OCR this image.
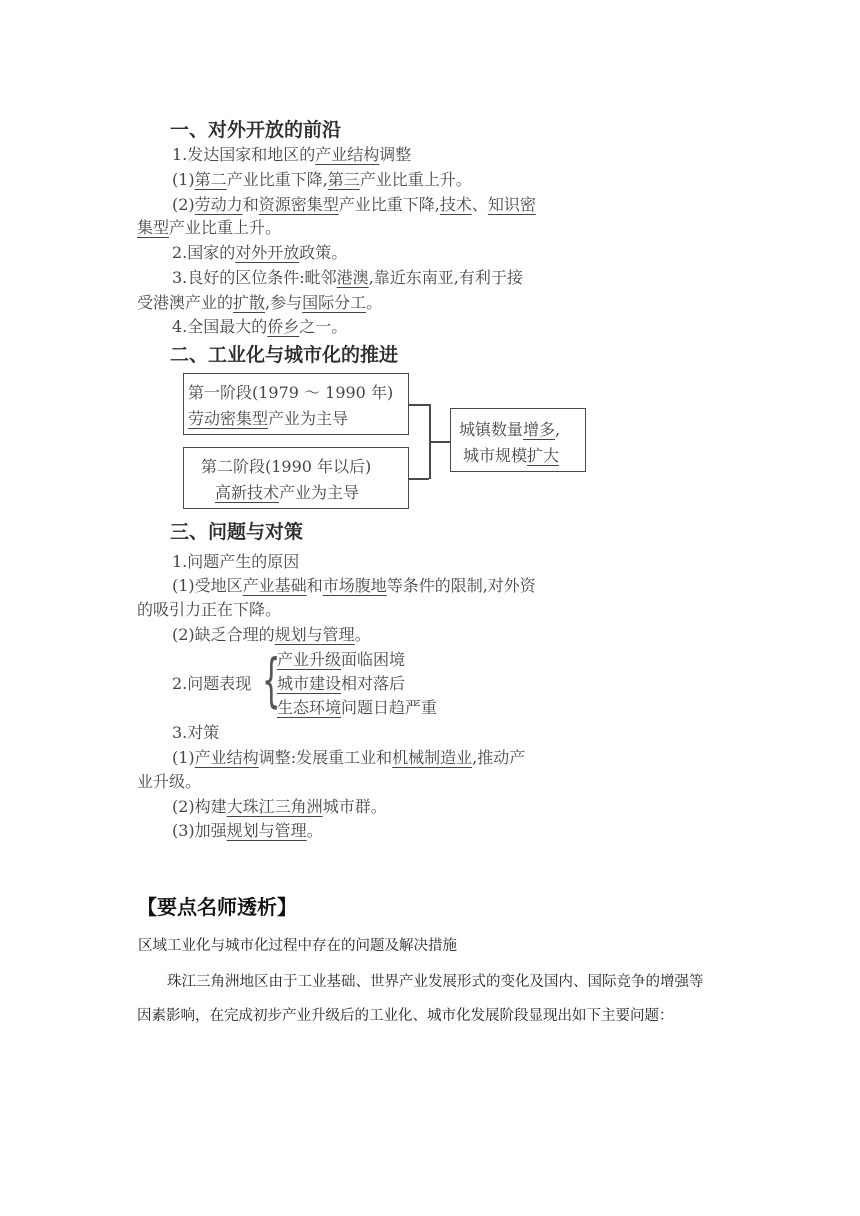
一、对外开放的前沿
1.发达国家和地区的产业结构调整
(1)第二产业比重下降,第三产业比重上升。
(2)劳动力和资源密集型产业比重下降,技术、知识密
集型产业比重上升。
2.国家的对外开放政策。
3.良好的区位条件:毗邻港澳,靠近东南亚,有利于接
受港澳产业的扩散,参与国际分工。
4.全国最大的侨乡之一。
二、工业化与城市化的推进
第一阶段(1979 ～ 1990 年)
劳动密集型产业为主导
第二阶段(1990 年以后)
高新技术产业为主导
城镇数量增多,
城市规模扩大
三、问题与对策
1.问题产生的原因
(1)受地区产业基础和市场腹地等条件的限制,对外资
的吸引力正在下降。
(2)缺乏合理的规划与管理。
2.问题表现 {
产业升级面临困境
城市建设相对落后
生态环境问题日趋严重
3.对策
(1)产业结构调整:发展重工业和机械制造业,推动产
业升级。
(2)构建大珠江三角洲城市群。
(3)加强规划与管理。
【要点名师透析】
区域工业化与城市化过程中存在的问题及解决措施
珠江三角洲地区由于工业基础、世界产业发展形式的变化及国内、国际竞争的增强等
因素影响，在完成初步产业升级后的工业化、城市化发展阶段显现出如下主要问题：
